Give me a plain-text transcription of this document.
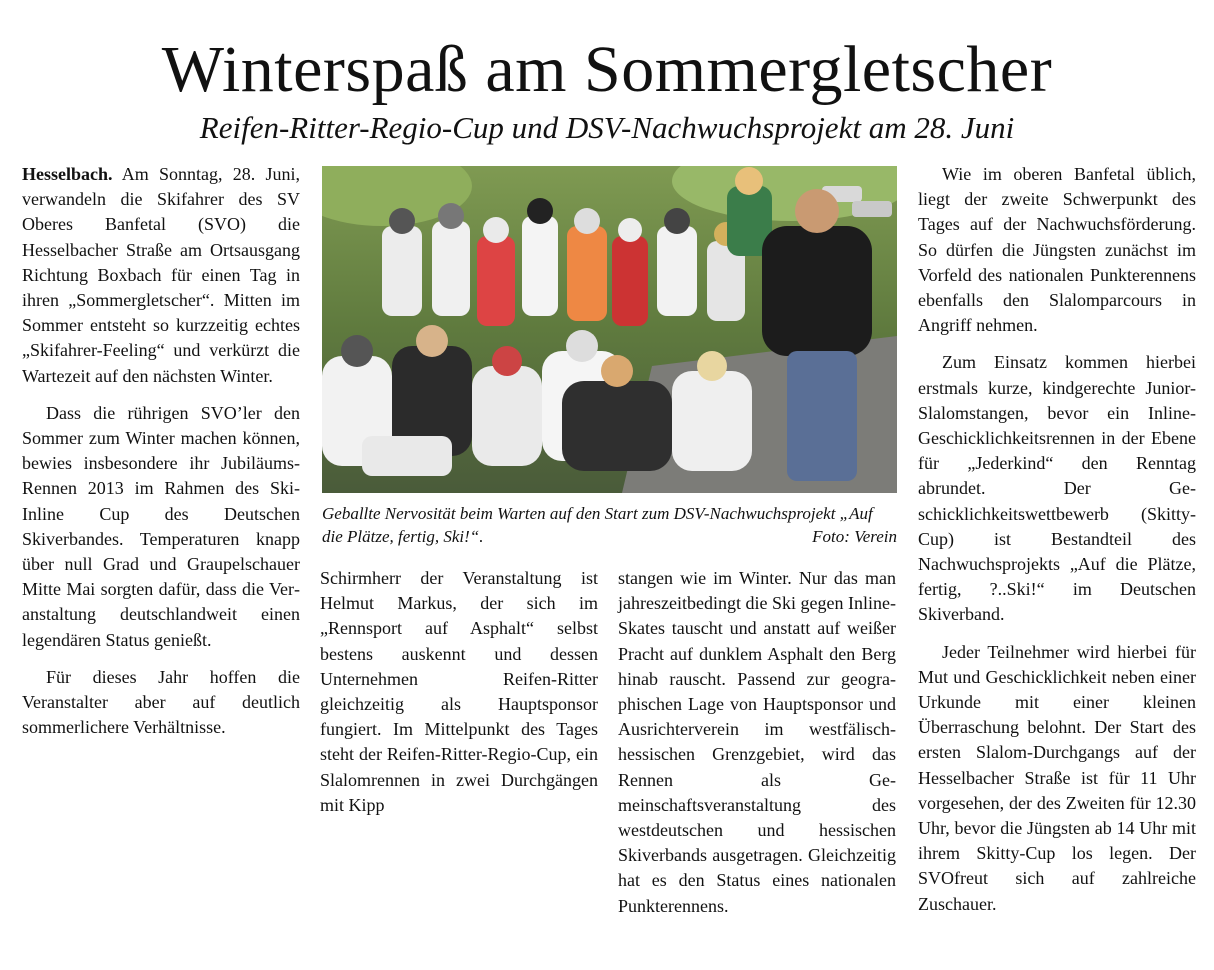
Winterspaß am Sommergletscher
Reifen-Ritter-Regio-Cup und DSV-Nachwuchsprojekt am 28. Juni

Hesselbach. Am Sonntag, 28. Juni, verwandeln die Skifahrer des SV Oberes Banfetal (SVO) die Hesselbacher Straße am Ortsausgang Richtung Boxbach für einen Tag in ihren „Sommergletscher“. Mitten im Sommer entsteht so kurzzeitig echtes „Skifahrer-Feeling“ und verkürzt die Wartezeit auf den nächsten Winter.

Dass die rührigen SVO’ler den Sommer zum Winter machen können, bewies insbesondere ihr Jubiläums-Rennen 2013 im Rahmen des Ski-Inline Cup des Deutschen Skiverbandes. Temperaturen knapp über null Grad und Graupelschauer Mitte Mai sorgten dafür, dass die Veranstaltung deutschlandweit einen legendären Status genießt.

Für dieses Jahr hoffen die Veranstalter aber auf deutlich sommerlichere Verhältnisse.

Geballte Nervosität beim Warten auf den Start zum DSV-Nachwuchsprojekt „Auf die Plätze, fertig, Ski!“.	Foto: Verein

Schirmherr der Veranstaltung ist Helmut Markus, der sich im „Rennsport auf Asphalt“ selbst bestens auskennt und dessen Unternehmen Reifen-Ritter gleichzeitig als Hauptsponsor fungiert. Im Mittelpunkt des Tages steht der Reifen-Ritter-Regio-Cup, ein Slalomrennen in zwei Durchgängen mit Kipp

stangen wie im Winter. Nur das man jahreszeitbedingt die Ski gegen Inline-Skates tauscht und anstatt auf weißer Pracht auf dunklem Asphalt den Berg hinab rauscht. Passend zur geographischen Lage von Hauptsponsor und Ausrichterverein im westfälisch-hessischen Grenzgebiet, wird das Rennen als Gemeinschaftsveranstaltung des westdeutschen und hessischen Skiverbands ausgetragen. Gleichzeitig hat es den Status eines nationalen Punkterennens.

Wie im oberen Banfetal üblich, liegt der zweite Schwerpunkt des Tages auf der Nachwuchsförderung. So dürfen die Jüngsten zunächst im Vorfeld des nationalen Punkterennens ebenfalls den Slalomparcours in Angriff nehmen.

Zum Einsatz kommen hierbei erstmals kurze, kindgerechte Junior-Slalomstangen, bevor ein Inline-Geschicklichkeitsrennen in der Ebene für „Jederkind“ den Renntag abrundet. Der Geschicklichkeitswettbewerb (Skitty-Cup) ist Bestandteil des Nachwuchsprojekts „Auf die Plätze, fertig, ?..Ski!“ im Deutschen Skiverband.

Jeder Teilnehmer wird hierbei für Mut und Geschicklichkeit neben einer Urkunde mit einer kleinen Überraschung belohnt. Der Start des ersten Slalom-Durchgangs auf der Hesselbacher Straße ist für 11 Uhr vorgesehen, der des Zweiten für 12.30 Uhr, bevor die Jüngsten ab 14 Uhr mit ihrem Skitty-Cup los legen. Der SVOfreut sich auf zahlreiche Zuschauer.
